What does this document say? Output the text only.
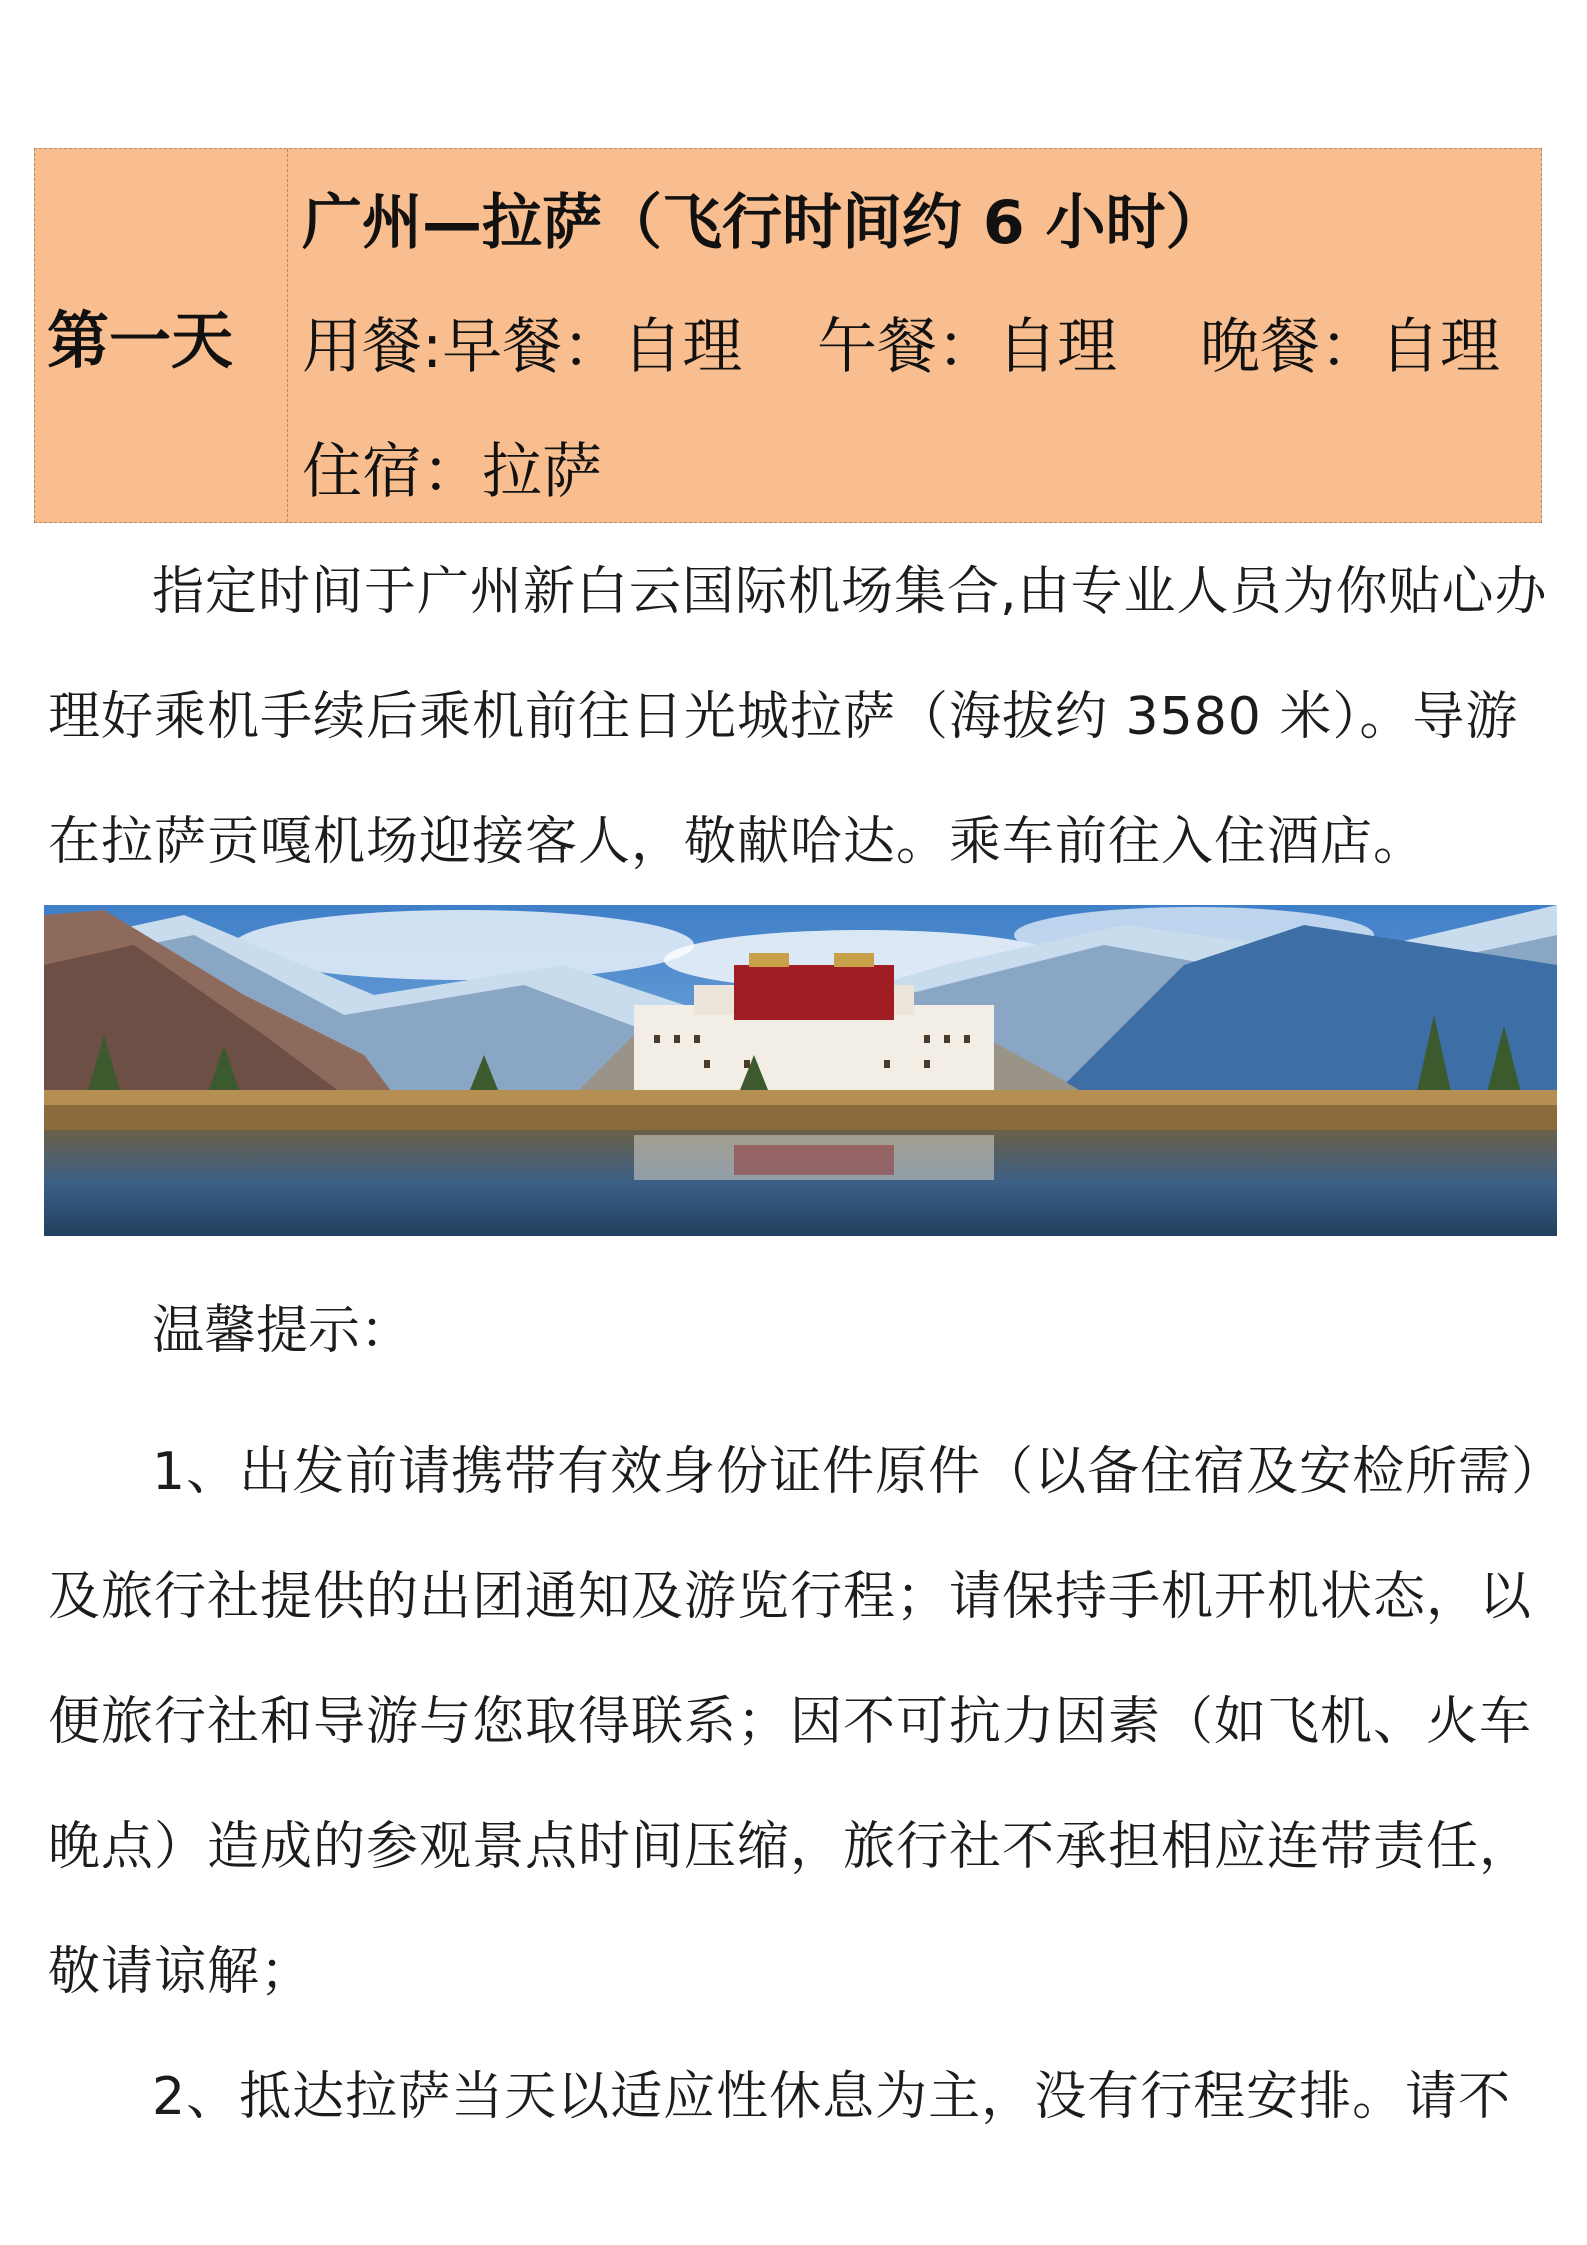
第一天
广州—拉萨（飞行时间约 6 小时）
用餐:早餐：自理	午餐：自理	晚餐：自理
住宿：拉萨

指定时间于广州新白云国际机场集合,由专业人员为你贴心办理好乘机手续后乘机前往日光城拉萨（海拔约 3580 米）。导游在拉萨贡嘎机场迎接客人，敬献哈达。乘车前往入住酒店。

温馨提示：

1、出发前请携带有效身份证件原件（以备住宿及安检所需）及旅行社提供的出团通知及游览行程；请保持手机开机状态，以便旅行社和导游与您取得联系；因不可抗力因素（如飞机、火车晚点）造成的参观景点时间压缩，旅行社不承担相应连带责任，敬请谅解；

2、抵达拉萨当天以适应性休息为主，没有行程安排。请不
